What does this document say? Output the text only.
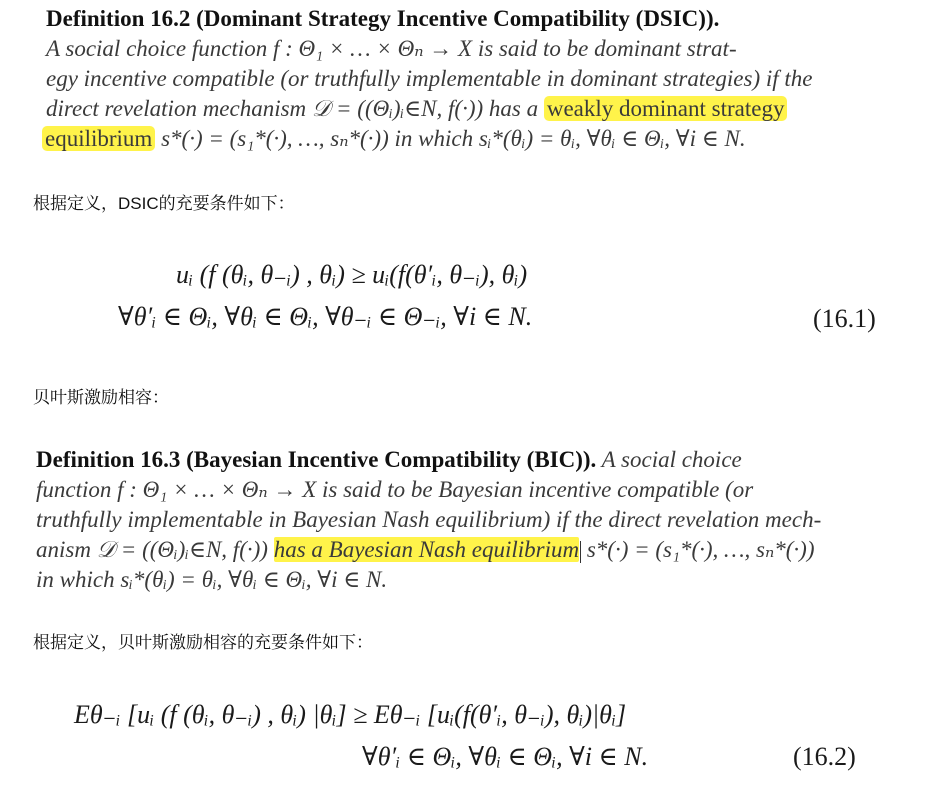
Definition 16.2 (Dominant Strategy Incentive Compatibility (DSIC)).
A social choice function f : Θ₁ × … × Θₙ → X is said to be dominant strat-
egy incentive compatible (or truthfully implementable in dominant strategies) if the
direct revelation mechanism 𝒟 = ((Θᵢ)ᵢ∈N, f(·)) has a weakly dominant strategy
equilibrium s*(·) = (s₁*(·), …, sₙ*(·)) in which sᵢ*(θᵢ) = θᵢ, ∀θᵢ ∈ Θᵢ, ∀i ∈ N.
根据定义，DSIC的充要条件如下：
uᵢ (f (θᵢ, θ₋ᵢ) , θᵢ) ≥ uᵢ(f(θ′ᵢ, θ₋ᵢ), θᵢ)
∀θ′ᵢ ∈ Θᵢ, ∀θᵢ ∈ Θᵢ, ∀θ₋ᵢ ∈ Θ₋ᵢ, ∀i ∈ N.	(16.1)
贝叶斯激励相容：
Definition 16.3 (Bayesian Incentive Compatibility (BIC)). A social choice
function f : Θ₁ × … × Θₙ → X is said to be Bayesian incentive compatible (or
truthfully implementable in Bayesian Nash equilibrium) if the direct revelation mech-
anism 𝒟 = ((Θᵢ)ᵢ∈N, f(·)) has a Bayesian Nash equilibrium s*(·) = (s₁*(·), …, sₙ*(·))
in which sᵢ*(θᵢ) = θᵢ, ∀θᵢ ∈ Θᵢ, ∀i ∈ N.
根据定义，贝叶斯激励相容的充要条件如下：
Eθ₋ᵢ [uᵢ (f (θᵢ, θ₋ᵢ) , θᵢ) |θᵢ] ≥ Eθ₋ᵢ [uᵢ(f(θ′ᵢ, θ₋ᵢ), θᵢ)|θᵢ]
∀θ′ᵢ ∈ Θᵢ, ∀θᵢ ∈ Θᵢ, ∀i ∈ N.	(16.2)
